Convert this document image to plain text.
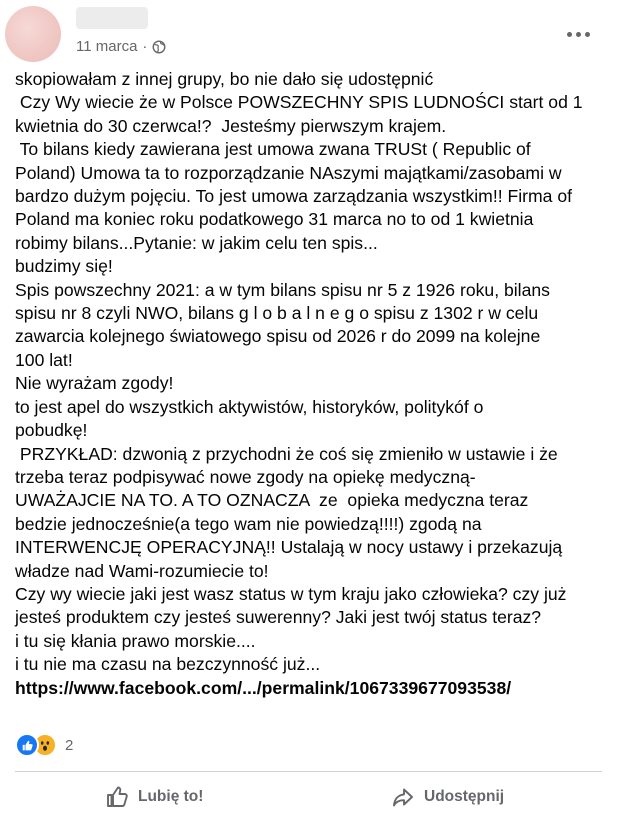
11 marca ·
skopiowałam z innej grupy, bo nie dało się udostępnić
Czy Wy wiecie że w Polsce POWSZECHNY SPIS LUDNOŚCI start od 1
kwietnia do 30 czerwca!?  Jesteśmy pierwszym krajem.
To bilans kiedy zawierana jest umowa zwana TRUSt ( Republic of
Poland) Umowa ta to rozporządzanie NAszymi majątkami/zasobami w
bardzo dużym pojęciu. To jest umowa zarządzania wszystkim!! Firma of
Poland ma koniec roku podatkowego 31 marca no to od 1 kwietnia
robimy bilans...Pytanie: w jakim celu ten spis...
budzimy się!
Spis powszechny 2021: a w tym bilans spisu nr 5 z 1926 roku, bilans
spisu nr 8 czyli NWO, bilans g l o b a l n e g o spisu z 1302 r w celu
zawarcia kolejnego światowego spisu od 2026 r do 2099 na kolejne
100 lat!
Nie wyrażam zgody!
to jest apel do wszystkich aktywistów, historyków, politykóf o
pobudkę!
PRZYKŁAD: dzwonią z przychodni że coś się zmieniło w ustawie i że
trzeba teraz podpisywać nowe zgody na opiekę medyczną-
UWAŻAJCIE NA TO. A TO OZNACZA  ze  opieka medyczna teraz
bedzie jednocześnie(a tego wam nie powiedzą!!!!) zgodą na
INTERWENCJĘ OPERACYJNĄ!! Ustalają w nocy ustawy i przekazują
władze nad Wami-rozumiecie to!
Czy wy wiecie jaki jest wasz status w tym kraju jako człowieka? czy już
jesteś produktem czy jesteś suwerenny? Jaki jest twój status teraz?
i tu się kłania prawo morskie....
i tu nie ma czasu na bezczynność już...
https://www.facebook.com/.../permalink/1067339677093538/
2
Lubię to!	Udostępnij
